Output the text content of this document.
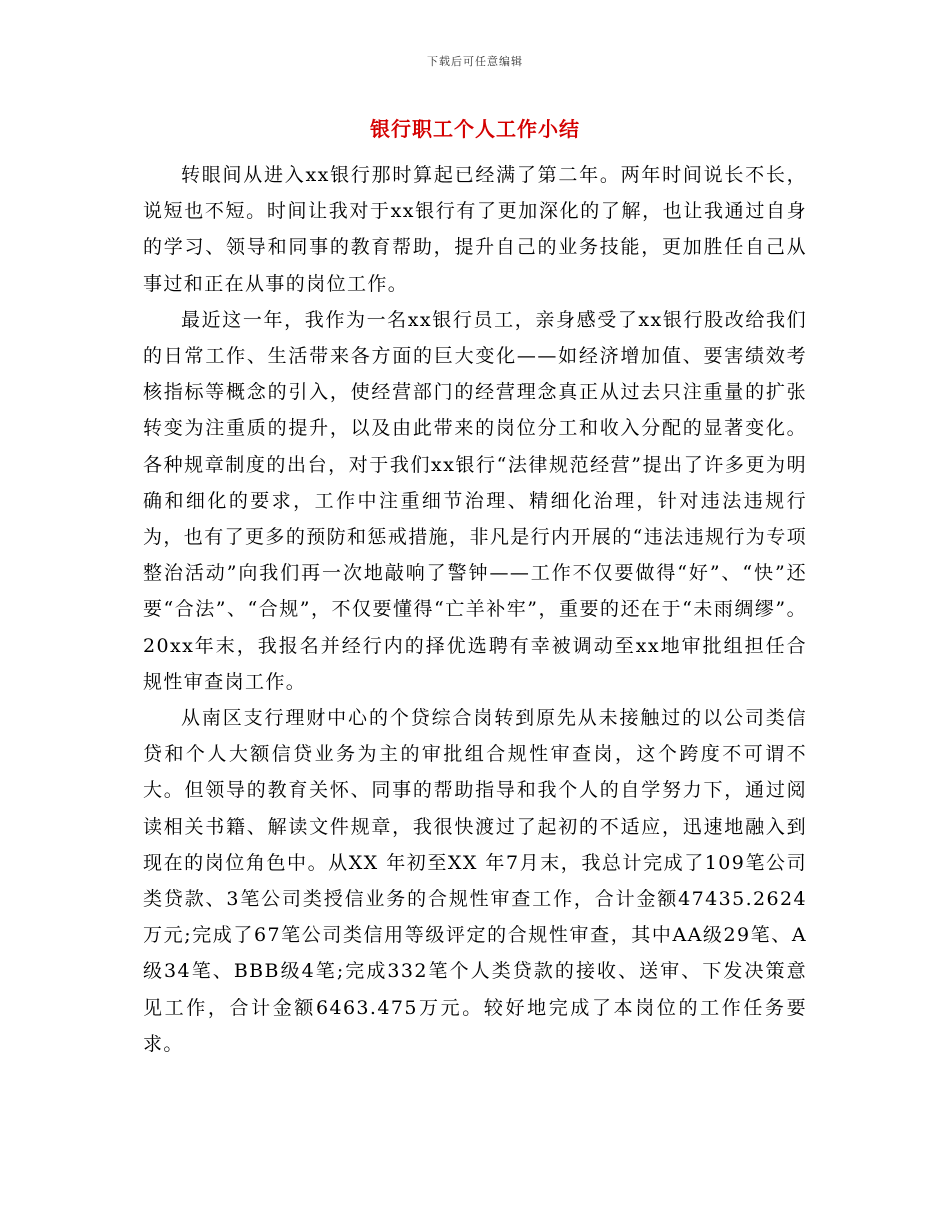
下载后可任意编辑
银行职工个人工作小结

转眼间从进入xx银行那时算起已经满了第二年。两年时间说长不长，说短也不短。时间让我对于xx银行有了更加深化的了解，也让我通过自身的学习、领导和同事的教育帮助，提升自己的业务技能，更加胜任自己从事过和正在从事的岗位工作。

最近这一年，我作为一名xx银行员工，亲身感受了xx银行股改给我们的日常工作、生活带来各方面的巨大变化——如经济增加值、要害绩效考核指标等概念的引入，使经营部门的经营理念真正从过去只注重量的扩张转变为注重质的提升，以及由此带来的岗位分工和收入分配的显著变化。各种规章制度的出台，对于我们xx银行“法律规范经营”提出了许多更为明确和细化的要求，工作中注重细节治理、精细化治理，针对违法违规行为，也有了更多的预防和惩戒措施，非凡是行内开展的“违法违规行为专项整治活动”向我们再一次地敲响了警钟——工作不仅要做得“好”、“快”还要“合法”、“合规”，不仅要懂得“亡羊补牢”，重要的还在于“未雨绸缪”。20xx年末，我报名并经行内的择优选聘有幸被调动至xx地审批组担任合规性审查岗工作。

从南区支行理财中心的个贷综合岗转到原先从未接触过的以公司类信贷和个人大额信贷业务为主的审批组合规性审查岗，这个跨度不可谓不大。但领导的教育关怀、同事的帮助指导和我个人的自学努力下，通过阅读相关书籍、解读文件规章，我很快渡过了起初的不适应，迅速地融入到现在的岗位角色中。从XX 年初至XX 年7月末，我总计完成了109笔公司类贷款、3笔公司类授信业务的合规性审查工作，合计金额47435.2624万元;完成了67笔公司类信用等级评定的合规性审查，其中AA级29笔、A级34笔、BBB级4笔;完成332笔个人类贷款的接收、送审、下发决策意见工作，合计金额6463.475万元。较好地完成了本岗位的工作任务要求。
